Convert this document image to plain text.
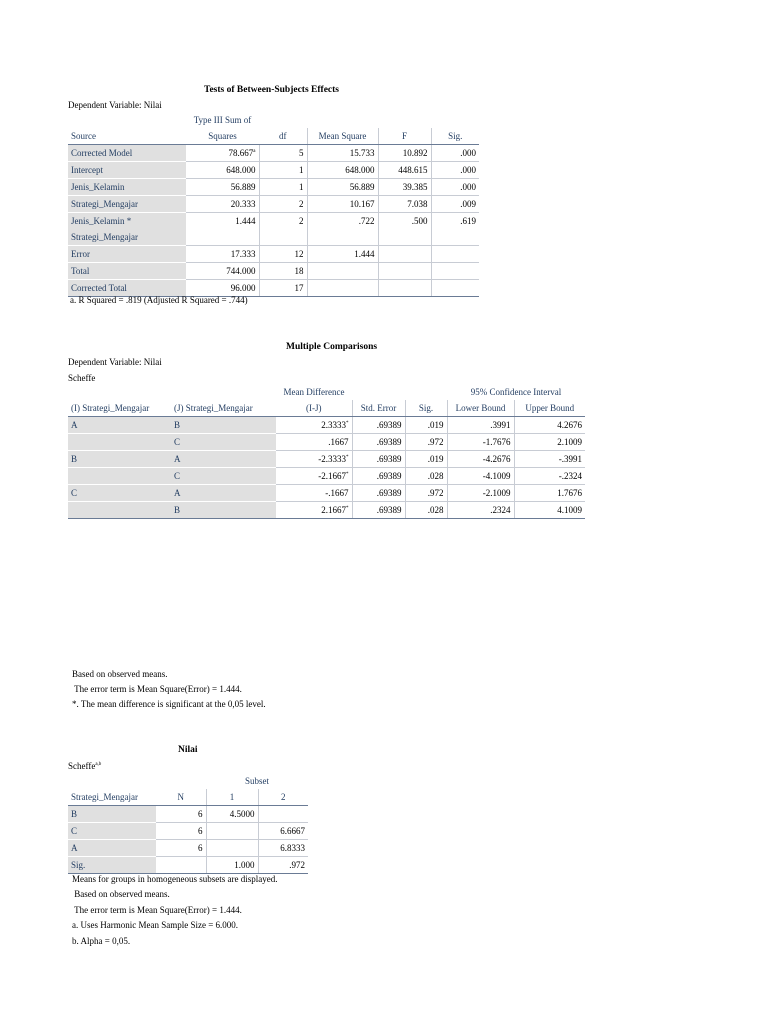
Tests of Between-Subjects Effects
Dependent Variable: Nilai
	Type III Sum of				
Source	Squares	df	Mean Square	F	Sig.
Corrected Model	78.667$^a$	5	15.733	10.892	.000
Intercept	648.000	1	648.000	448.615	.000
Jenis_Kelamin	56.889	1	56.889	39.385	.000
Strategi_Mengajar	20.333	2	10.167	7.038	.009
Jenis_Kelamin *	1.444	2	.722	.500	.619
Strategi_Mengajar					
Error	17.333	12	1.444		
Total	744.000	18			
Corrected Total	96.000	17			
a. R Squared = .819 (Adjusted R Squared = .744)
Multiple Comparisons
Dependent Variable: Nilai
Scheffe
		Mean Difference			95% Confidence Interval	
(I) Strategi_Mengajar	(J) Strategi_Mengajar	(I-J)	Std. Error	Sig.	Lower Bound	Upper Bound
A	B	2.3333*	.69389	.019	.3991	4.2676
	C	.1667	.69389	.972	-1.7676	2.1009
B	A	-2.3333*	.69389	.019	-4.2676	-.3991
	C	-2.1667*	.69389	.028	-4.1009	-.2324
C	A	-.1667	.69389	.972	-2.1009	1.7676
	B	2.1667*	.69389	.028	.2324	4.1009
Based on observed means.
The error term is Mean Square(Error) = 1.444.
*. The mean difference is significant at the 0,05 level.
Nilai
Scheffe$^{a,b}$
		Subset	
Strategi_Mengajar	N	1	2
B	6	4.5000	
C	6		6.6667
A	6		6.8333
Sig.		1.000	.972
Means for groups in homogeneous subsets are displayed.
Based on observed means.
The error term is Mean Square(Error) = 1.444.
a. Uses Harmonic Mean Sample Size = 6.000.
b. Alpha = 0,05.
